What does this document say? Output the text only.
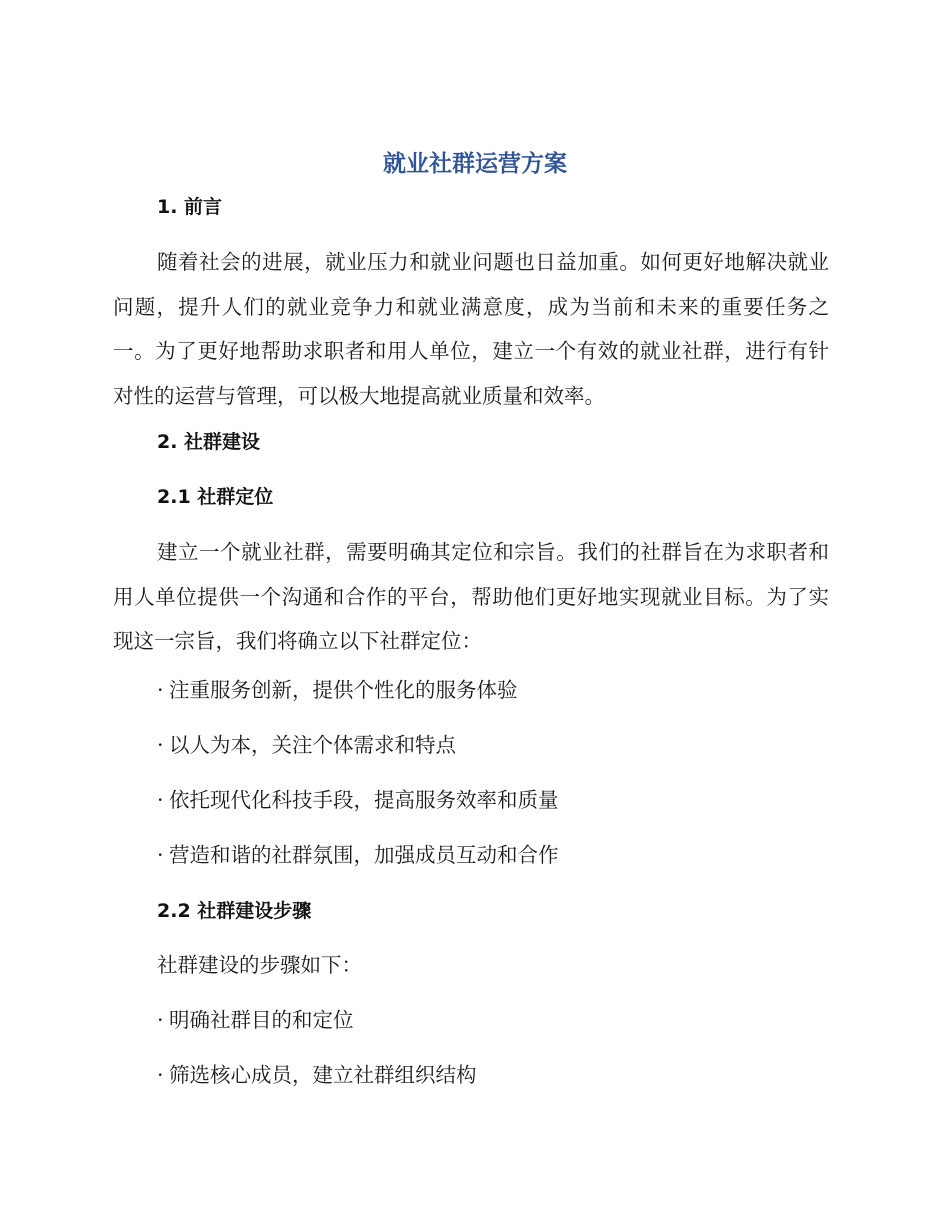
就业社群运营方案
1. 前言
随着社会的进展，就业压力和就业问题也日益加重。如何更好地解决就业问题，提升人们的就业竞争力和就业满意度，成为当前和未来的重要任务之一。为了更好地帮助求职者和用人单位，建立一个有效的就业社群，进行有针对性的运营与管理，可以极大地提高就业质量和效率。
2. 社群建设
2.1 社群定位
建立一个就业社群，需要明确其定位和宗旨。我们的社群旨在为求职者和用人单位提供一个沟通和合作的平台，帮助他们更好地实现就业目标。为了实现这一宗旨，我们将确立以下社群定位：
· 注重服务创新，提供个性化的服务体验
· 以人为本，关注个体需求和特点
· 依托现代化科技手段，提高服务效率和质量
· 营造和谐的社群氛围，加强成员互动和合作
2.2 社群建设步骤
社群建设的步骤如下：
· 明确社群目的和定位
· 筛选核心成员，建立社群组织结构
